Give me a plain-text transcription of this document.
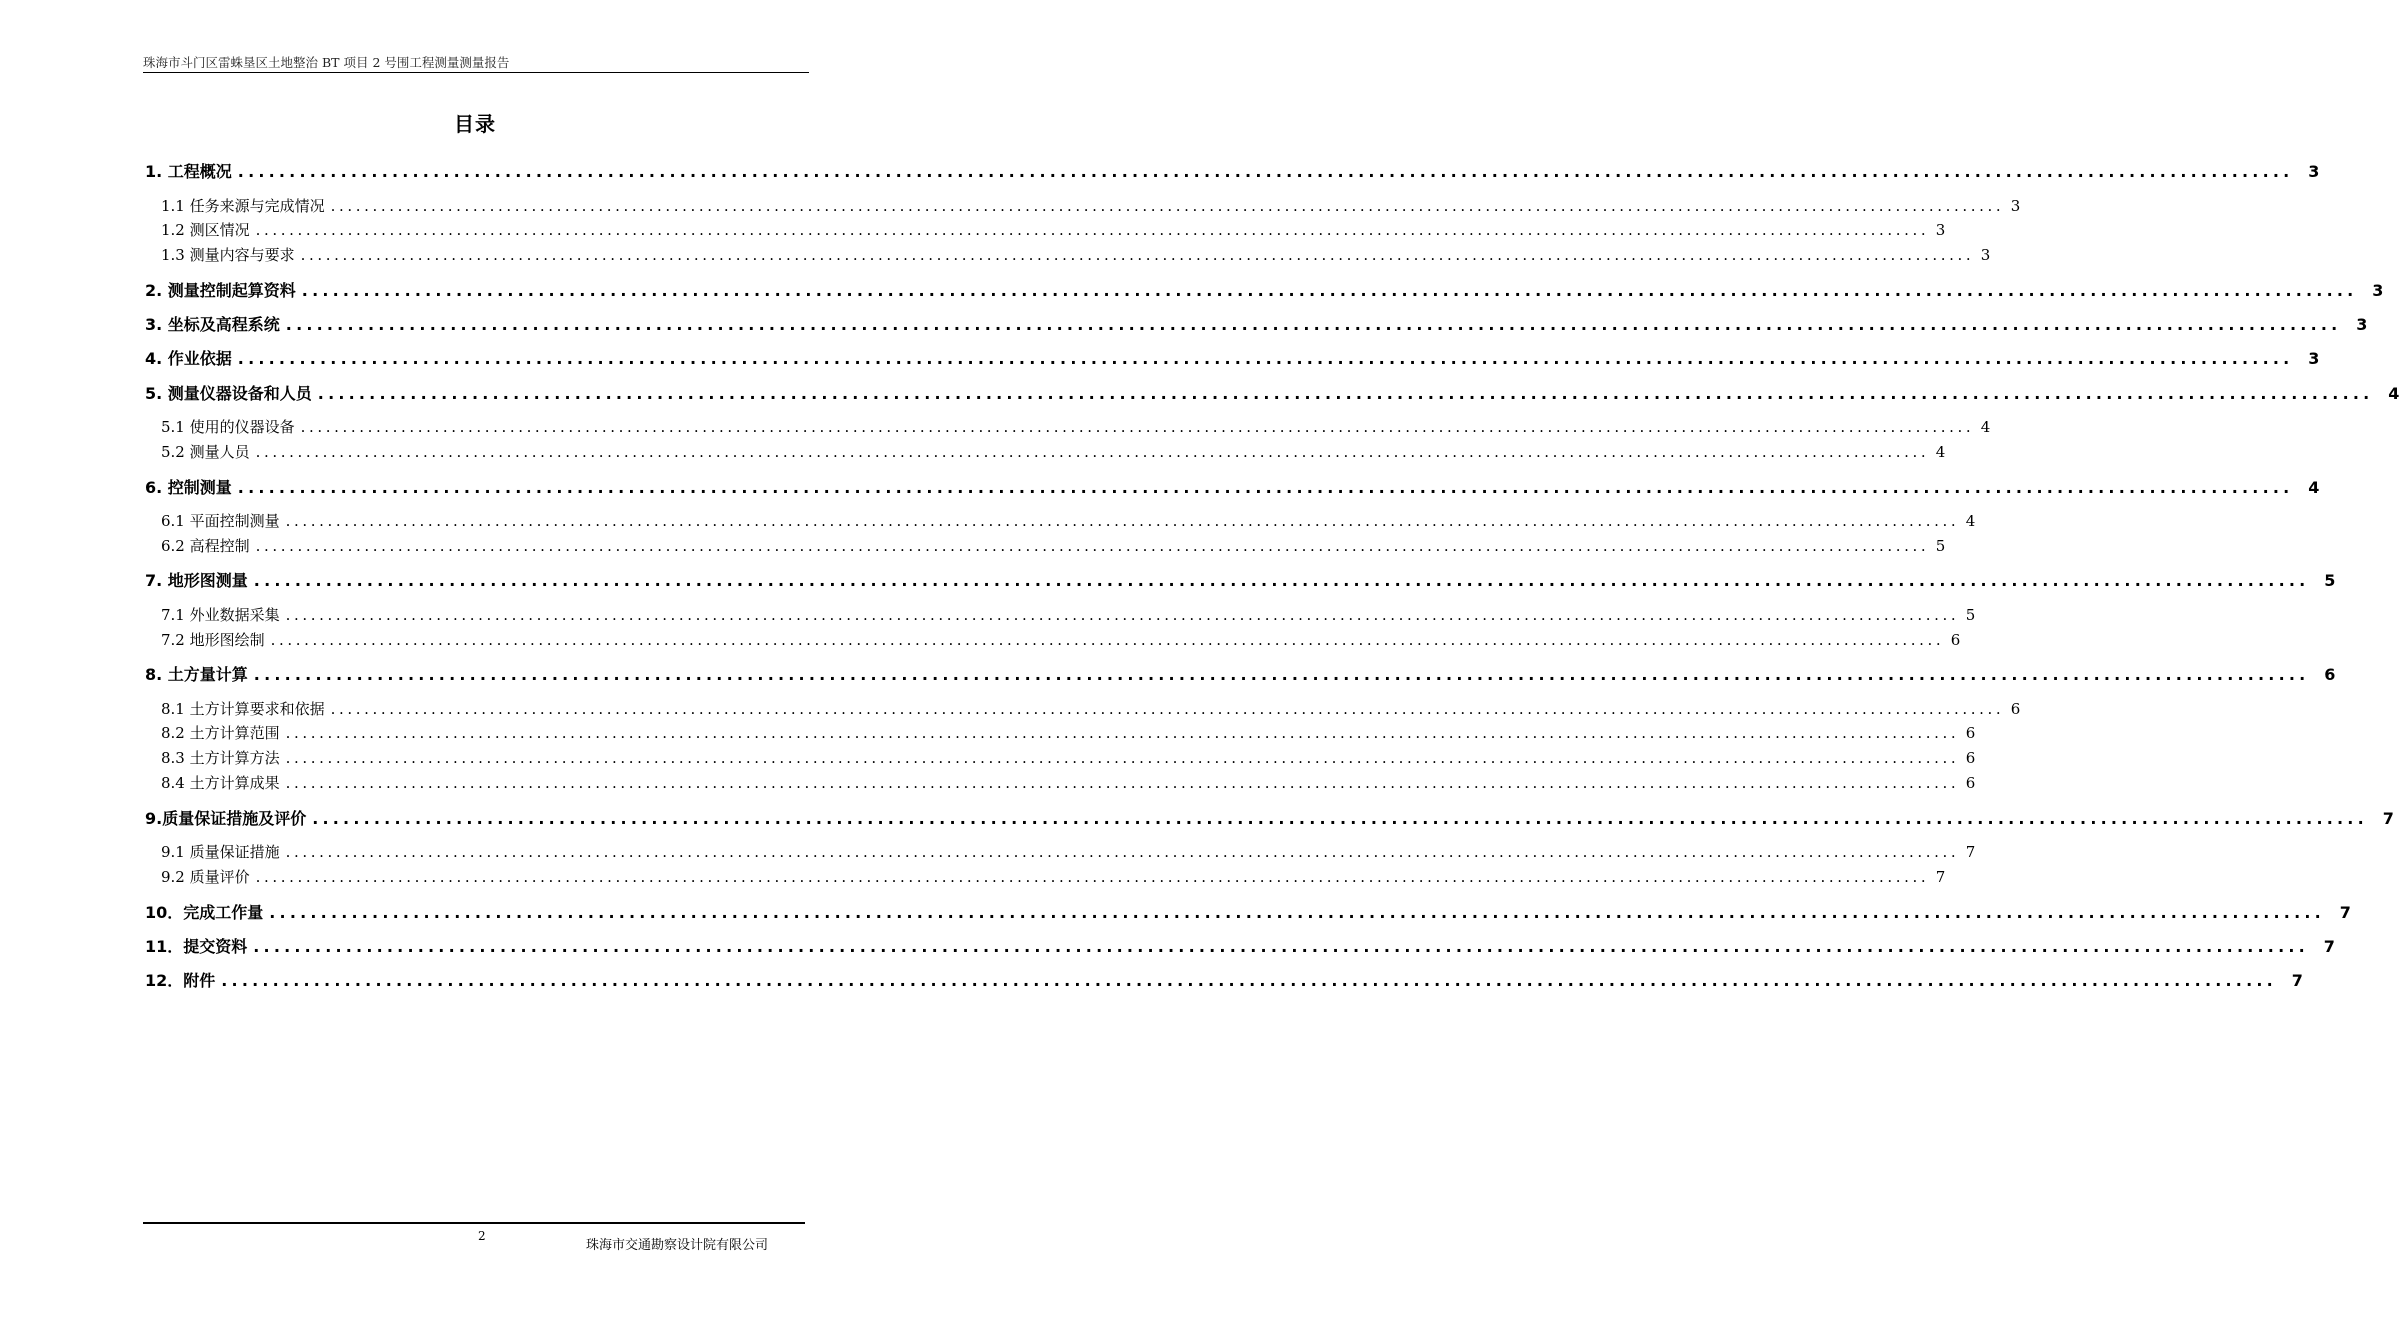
珠海市斗门区雷蛛垦区土地整治 BT 项目 2 号围工程测量测量报告
目录
1. 工程概况 ........................................................................................................................................................................................................ 3
1.1 任务来源与完成情况 ........................................................................................................................................................................................................ 3
1.2 测区情况 ........................................................................................................................................................................................................ 3
1.3 测量内容与要求 ........................................................................................................................................................................................................ 3
2. 测量控制起算资料 ........................................................................................................................................................................................................ 3
3. 坐标及高程系统 ........................................................................................................................................................................................................ 3
4. 作业依据 ........................................................................................................................................................................................................ 3
5. 测量仪器设备和人员 ........................................................................................................................................................................................................ 4
5.1 使用的仪器设备 ........................................................................................................................................................................................................ 4
5.2 测量人员 ........................................................................................................................................................................................................ 4
6. 控制测量 ........................................................................................................................................................................................................ 4
6.1 平面控制测量 ........................................................................................................................................................................................................ 4
6.2 高程控制 ........................................................................................................................................................................................................ 5
7. 地形图测量 ........................................................................................................................................................................................................ 5
7.1 外业数据采集 ........................................................................................................................................................................................................ 5
7.2 地形图绘制 ........................................................................................................................................................................................................ 6
8. 土方量计算 ........................................................................................................................................................................................................ 6
8.1 土方计算要求和依据 ........................................................................................................................................................................................................ 6
8.2 土方计算范围 ........................................................................................................................................................................................................ 6
8.3 土方计算方法 ........................................................................................................................................................................................................ 6
8.4 土方计算成果 ........................................................................................................................................................................................................ 6
9.质量保证措施及评价 ........................................................................................................................................................................................................ 7
9.1 质量保证措施 ........................................................................................................................................................................................................ 7
9.2 质量评价 ........................................................................................................................................................................................................ 7
10．完成工作量 ........................................................................................................................................................................................................ 7
11．提交资料 ........................................................................................................................................................................................................ 7
12．附件 ........................................................................................................................................................................................................ 7
2
珠海市交通勘察设计院有限公司
